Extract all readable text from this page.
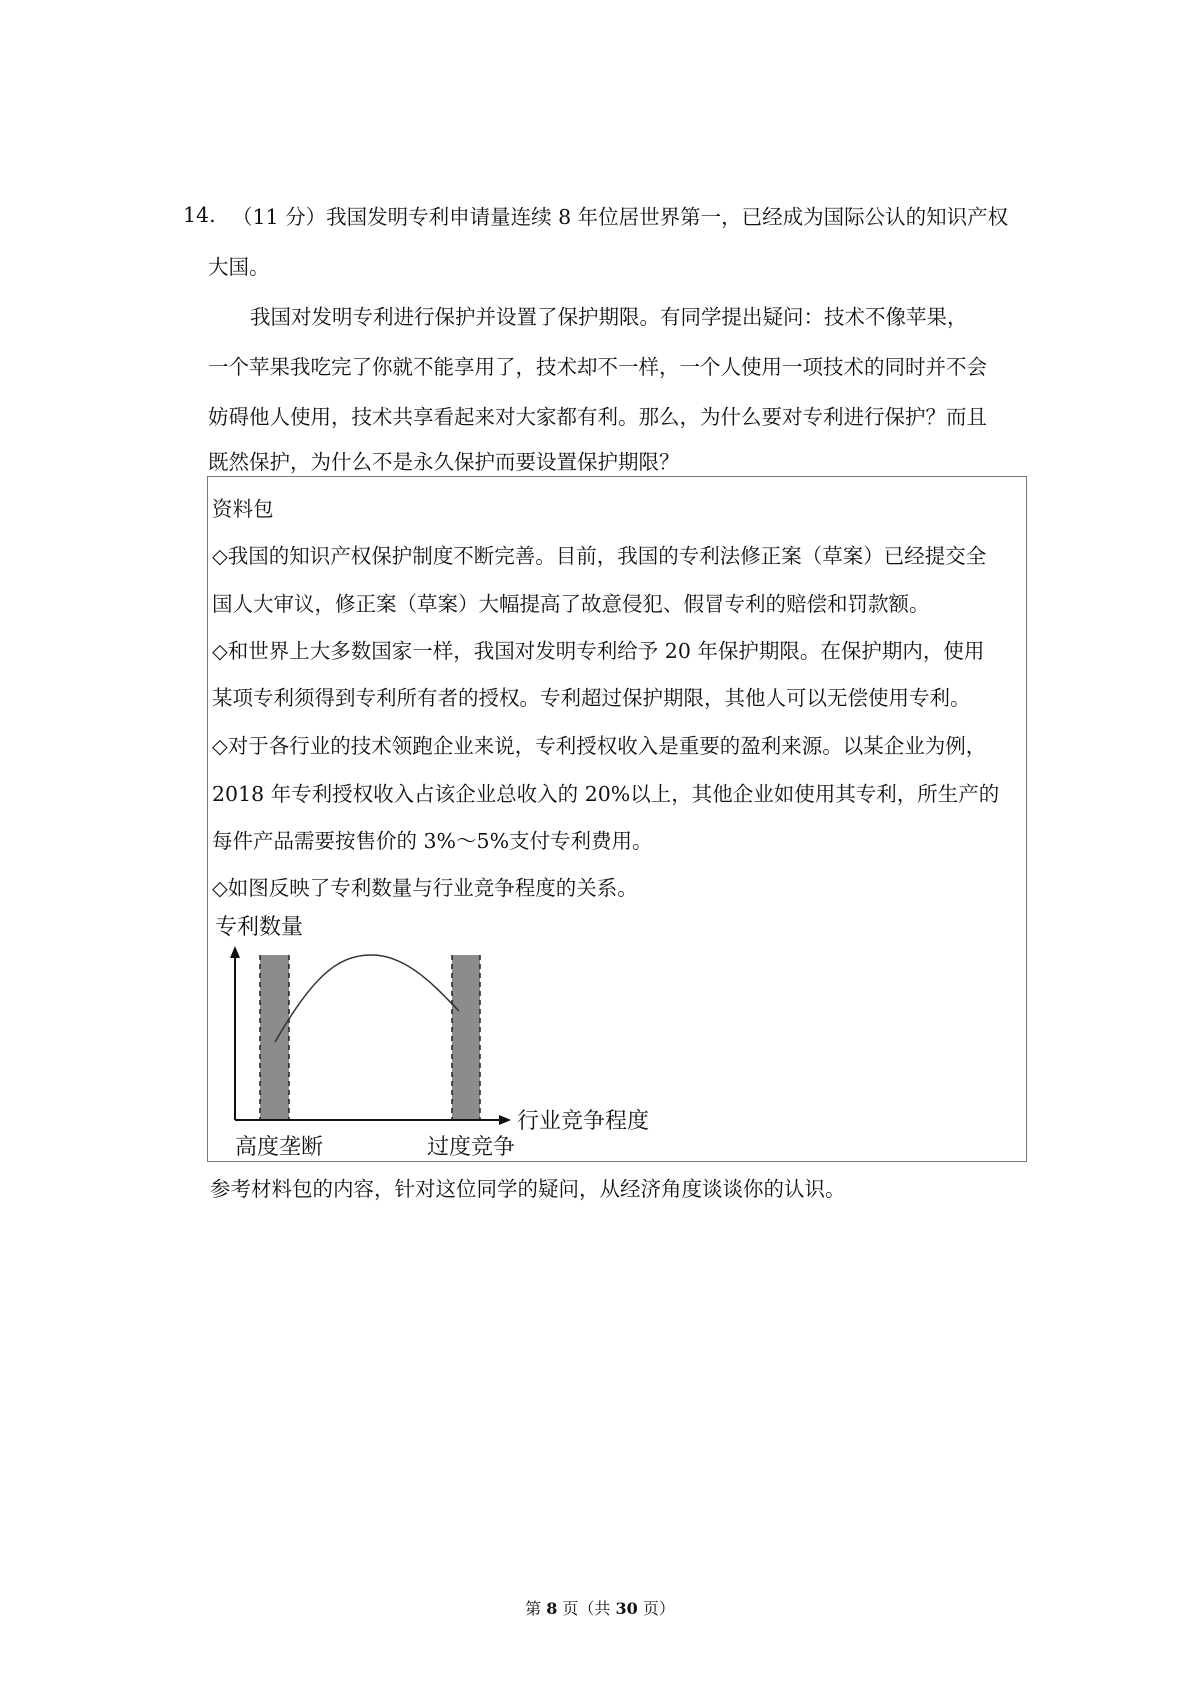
14. （11 分）我国发明专利申请量连续 8 年位居世界第一，已经成为国际公认的知识产权
大国。
我国对发明专利进行保护并设置了保护期限。有同学提出疑问：技术不像苹果，
一个苹果我吃完了你就不能享用了，技术却不一样，一个人使用一项技术的同时并不会
妨碍他人使用，技术共享看起来对大家都有利。那么，为什么要对专利进行保护？而且
既然保护，为什么不是永久保护而要设置保护期限？
资料包
◇我国的知识产权保护制度不断完善。目前，我国的专利法修正案（草案）已经提交全
国人大审议，修正案（草案）大幅提高了故意侵犯、假冒专利的赔偿和罚款额。
◇和世界上大多数国家一样，我国对发明专利给予 20 年保护期限。在保护期内，使用
某项专利须得到专利所有者的授权。专利超过保护期限，其他人可以无偿使用专利。
◇对于各行业的技术领跑企业来说，专利授权收入是重要的盈利来源。以某企业为例，
2018 年专利授权收入占该企业总收入的 20%以上，其他企业如使用其专利，所生产的
每件产品需要按售价的 3%～5%支付专利费用。
◇如图反映了专利数量与行业竞争程度的关系。
专利数量
行业竞争程度
高度垄断	过度竞争
参考材料包的内容，针对这位同学的疑问，从经济角度谈谈你的认识。
第 8 页（共 30 页）
